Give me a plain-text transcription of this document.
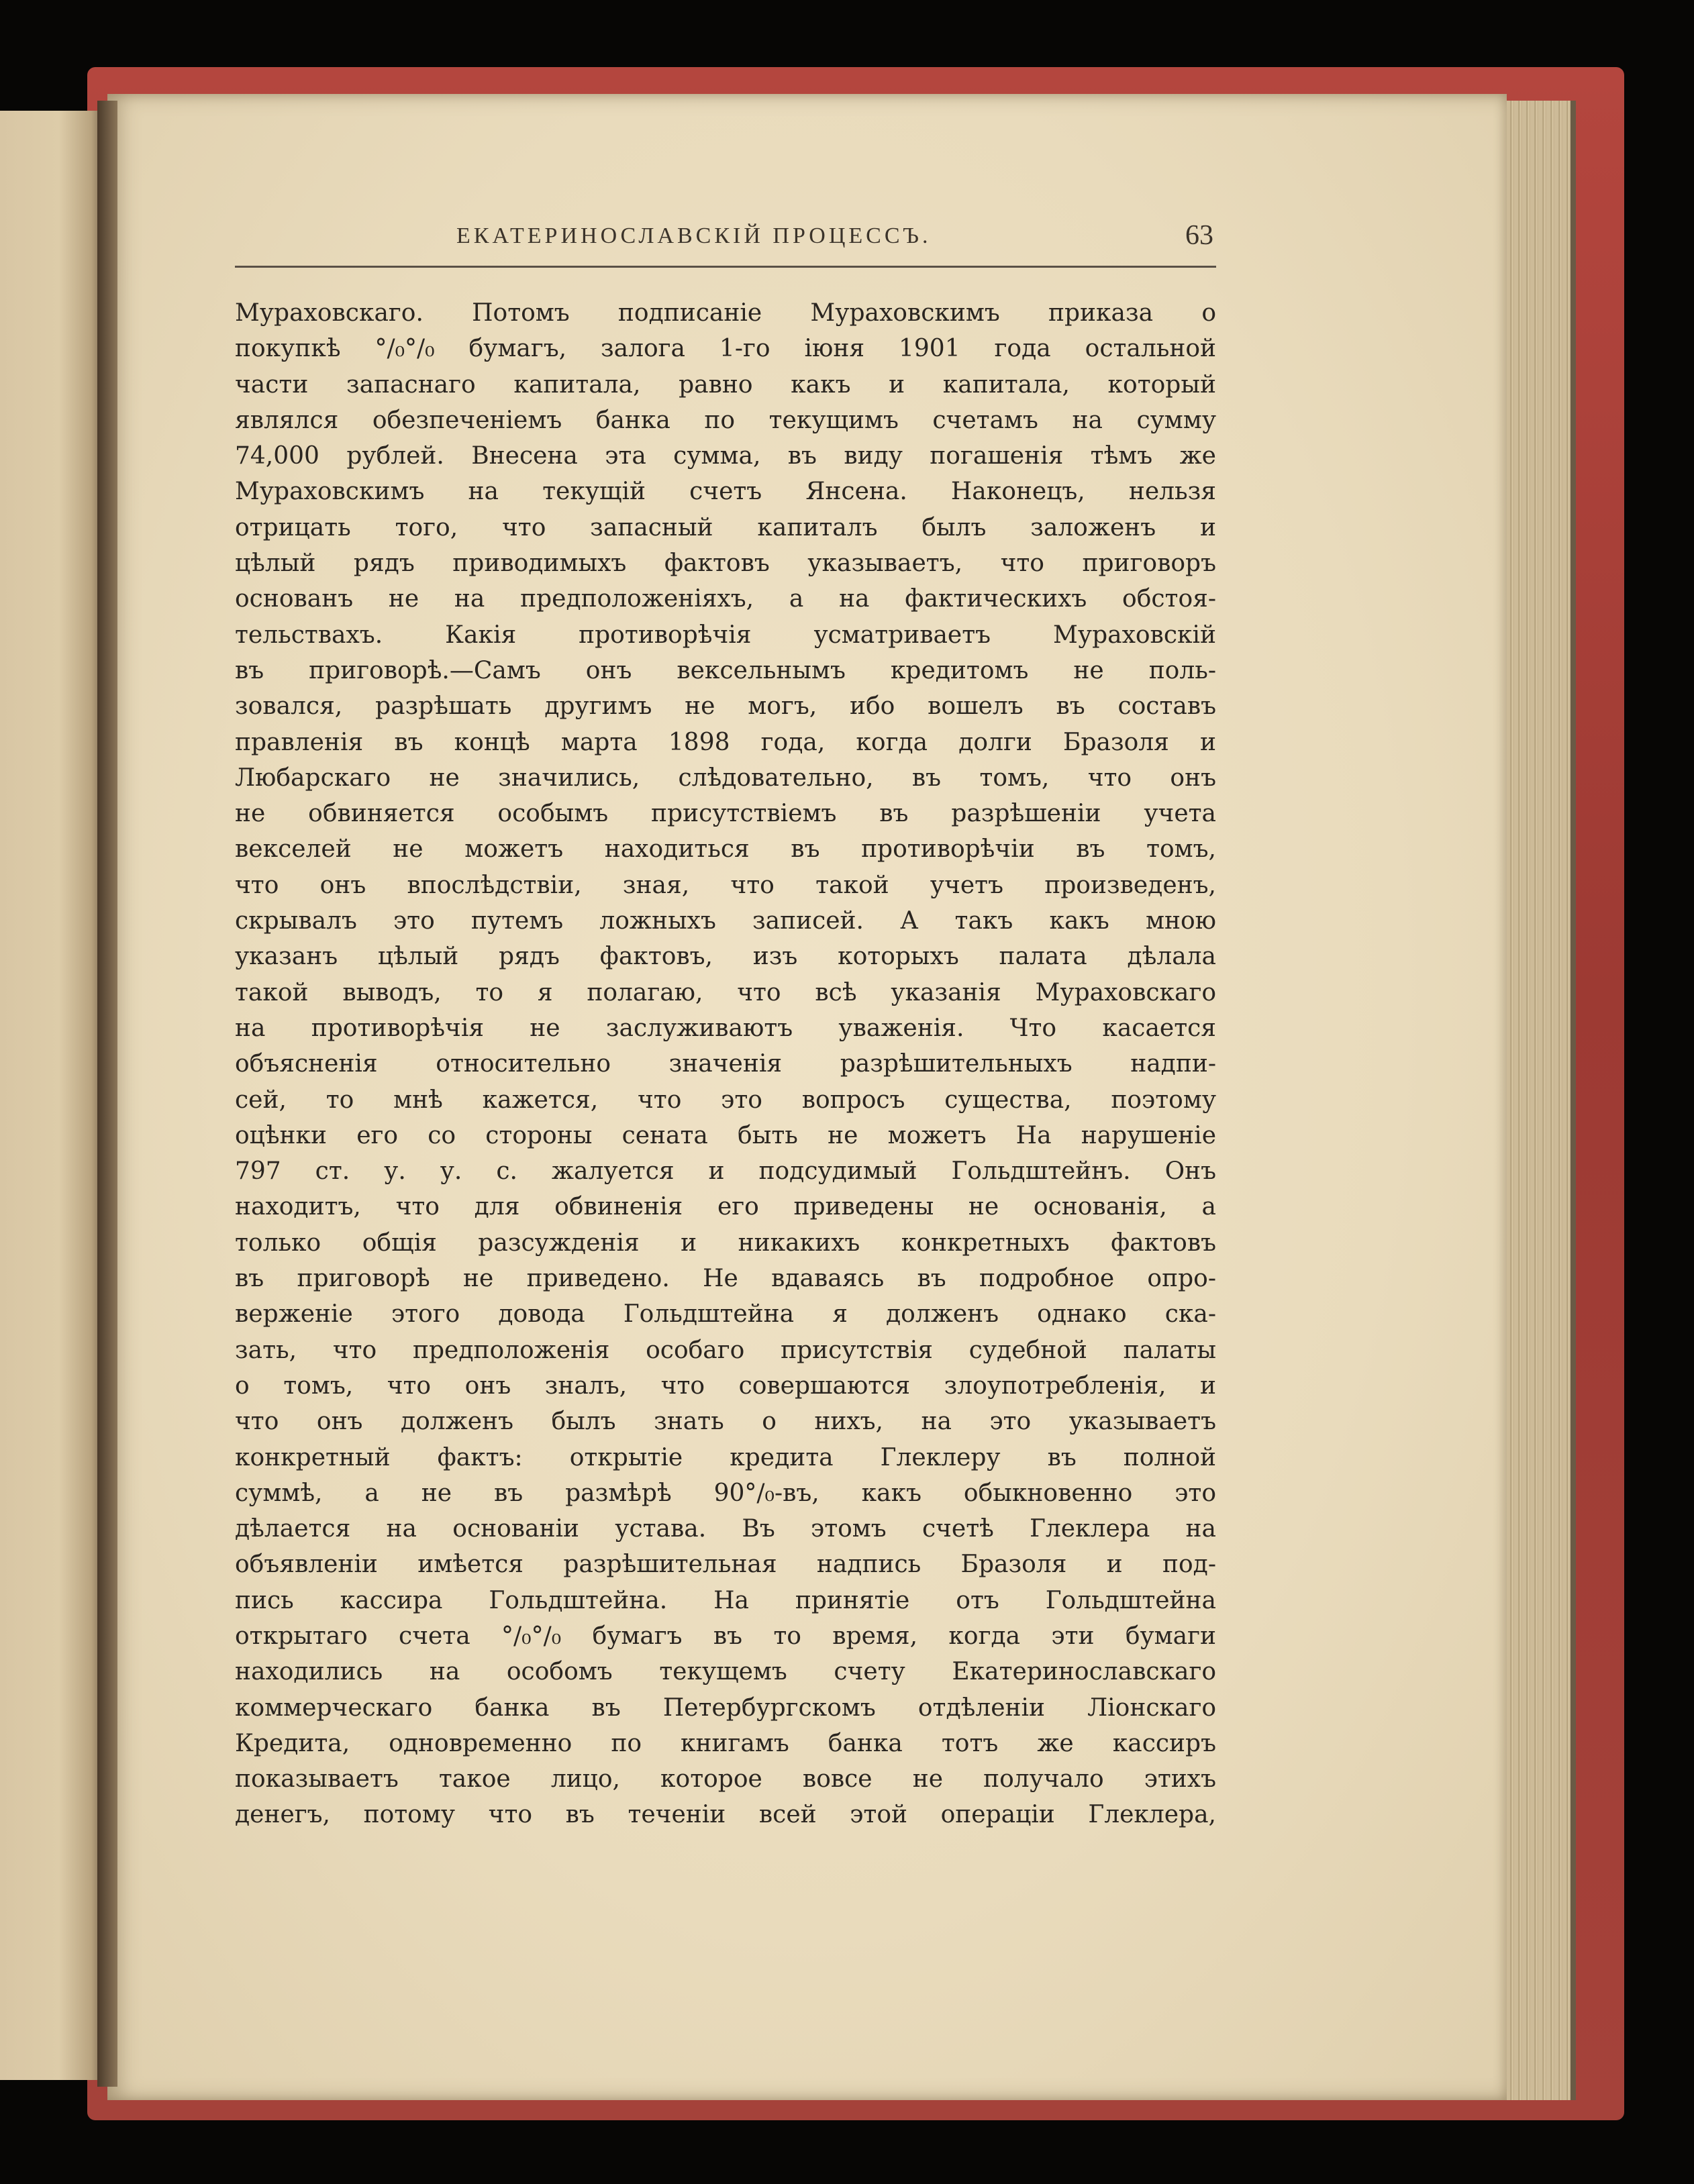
ЕКАТЕРИНОСЛАВСКІЙ ПРОЦЕССЪ.	63
Мураховскаго. Потомъ подписаніе Мураховскимъ приказа о
покупкѣ °/₀°/₀ бумагъ, залога 1-го іюня 1901 года остальной
части запаснаго капитала, равно какъ и капитала, который
являлся обезпеченіемъ банка по текущимъ счетамъ на сумму
74,000 рублей. Внесена эта сумма, въ виду погашенія тѣмъ же
Мураховскимъ на текущій счетъ Янсена. Наконецъ, нельзя
отрицать того, что запасный капиталъ былъ заложенъ и
цѣлый рядъ приводимыхъ фактовъ указываетъ, что приговоръ
основанъ не на предположеніяхъ, а на фактическихъ обстоя-
тельствахъ. Какія противорѣчія усматриваетъ Мураховскій
въ приговорѣ.—Самъ онъ вексельнымъ кредитомъ не поль-
зовался, разрѣшать другимъ не могъ, ибо вошелъ въ составъ
правленія въ концѣ марта 1898 года, когда долги Бразоля и
Любарскаго не значились, слѣдовательно, въ томъ, что онъ
не обвиняется особымъ присутствіемъ въ разрѣшеніи учета
векселей не можетъ находиться въ противорѣчіи въ томъ,
что онъ впослѣдствіи, зная, что такой учетъ произведенъ,
скрывалъ это путемъ ложныхъ записей. А такъ какъ мною
указанъ цѣлый рядъ фактовъ, изъ которыхъ палата дѣлала
такой выводъ, то я полагаю, что всѣ указанія Мураховскаго
на противорѣчія не заслуживаютъ уваженія. Что касается
объясненія относительно значенія разрѣшительныхъ надпи-
сей, то мнѣ кажется, что это вопросъ существа, поэтому
оцѣнки его со стороны сената быть не можетъ На нарушеніе
797 ст. у. у. с. жалуется и подсудимый Гольдштейнъ. Онъ
находитъ, что для обвиненія его приведены не основанія, а
только общія разсужденія и никакихъ конкретныхъ фактовъ
въ приговорѣ не приведено. Не вдаваясь въ подробное опро-
верженіе этого довода Гольдштейна я долженъ однако ска-
зать, что предположенія особаго присутствія судебной палаты
о томъ, что онъ зналъ, что совершаются злоупотребленія, и
что онъ долженъ былъ знать о нихъ, на это указываетъ
конкретный фактъ: открытіе кредита Глеклеру въ полной
суммѣ, а не въ размѣрѣ 90°/₀-въ, какъ обыкновенно это
дѣлается на основаніи устава. Въ этомъ счетѣ Глеклера на
объявленіи имѣется разрѣшительная надпись Бразоля и под-
пись кассира Гольдштейна. На принятіе отъ Гольдштейна
открытаго счета °/₀°/₀ бумагъ въ то время, когда эти бумаги
находились на особомъ текущемъ счету Екатеринославскаго
коммерческаго банка въ Петербургскомъ отдѣленіи Ліонскаго
Кредита, одновременно по книгамъ банка тотъ же кассиръ
показываетъ такое лицо, которое вовсе не получало этихъ
денегъ, потому что въ теченіи всей этой операціи Глеклера,
